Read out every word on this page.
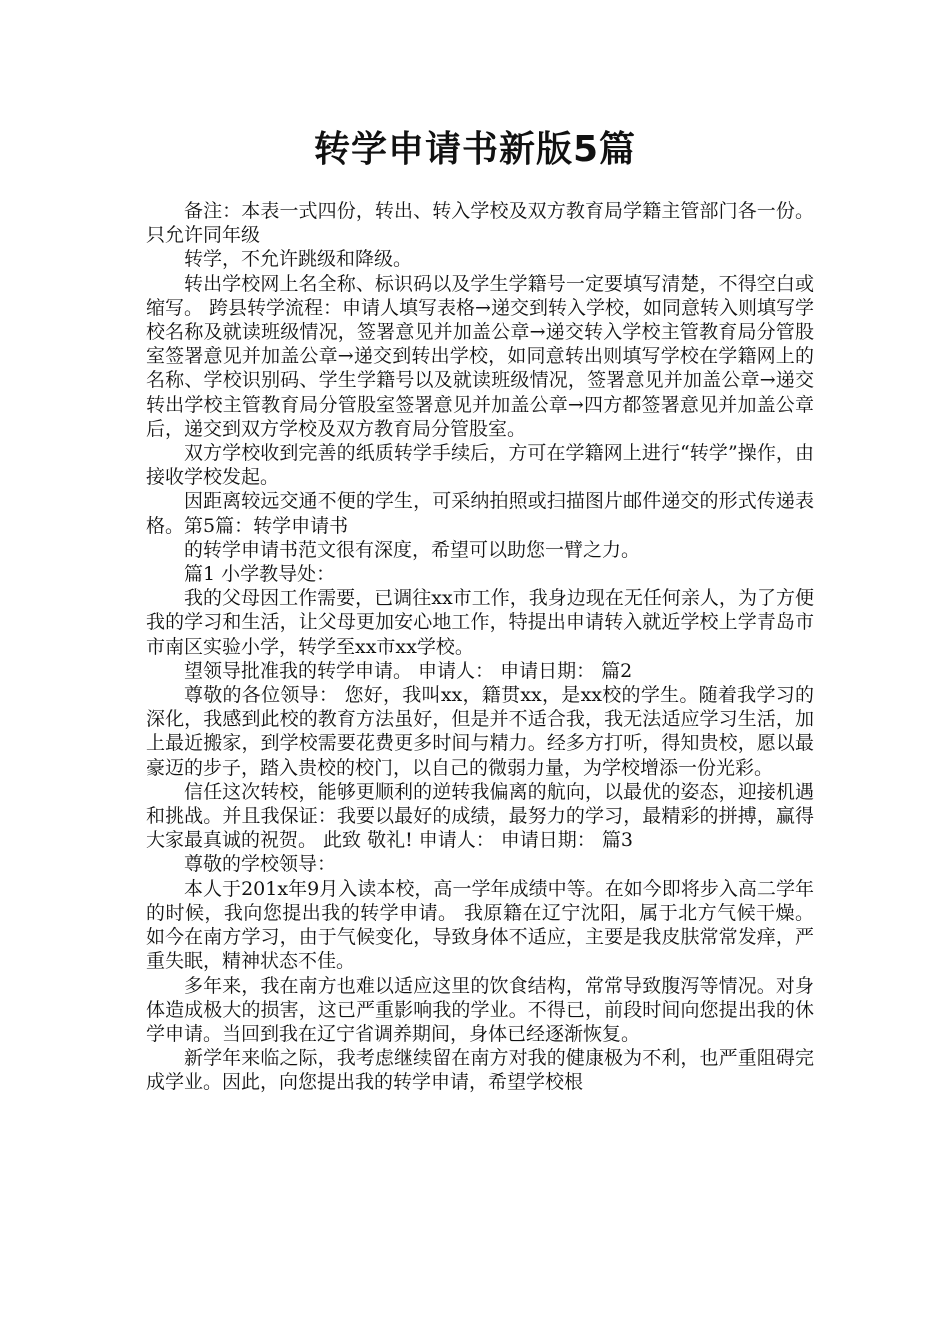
转学申请书新版5篇

备注：本表一式四份，转出、转入学校及双方教育局学籍主管部门各一份。只允许同年级

转学，不允许跳级和降级。

转出学校网上名全称、标识码以及学生学籍号一定要填写清楚，不得空白或缩写。 跨县转学流程：申请人填写表格→递交到转入学校，如同意转入则填写学校名称及就读班级情况，签署意见并加盖公章→递交转入学校主管教育局分管股室签署意见并加盖公章→递交到转出学校，如同意转出则填写学校在学籍网上的名称、学校识别码、学生学籍号以及就读班级情况，签署意见并加盖公章→递交转出学校主管教育局分管股室签署意见并加盖公章→四方都签署意见并加盖公章后，递交到双方学校及双方教育局分管股室。

双方学校收到完善的纸质转学手续后，方可在学籍网上进行“转学”操作，由接收学校发起。

因距离较远交通不便的学生，可采纳拍照或扫描图片邮件递交的形式传递表格。第5篇：转学申请书

的转学申请书范文很有深度，希望可以助您一臂之力。

篇1 小学教导处：

我的父母因工作需要，已调往xx市工作，我身边现在无任何亲人，为了方便我的学习和生活，让父母更加安心地工作，特提出申请转入就近学校上学青岛市市南区实验小学，转学至xx市xx学校。

望领导批准我的转学申请。 申请人： 申请日期： 篇2

尊敬的各位领导： 您好，我叫xx，籍贯xx，是xx校的学生。随着我学习的深化，我感到此校的教育方法虽好，但是并不适合我，我无法适应学习生活，加上最近搬家，到学校需要花费更多时间与精力。经多方打听，得知贵校，愿以最豪迈的步子，踏入贵校的校门，以自己的微弱力量，为学校增添一份光彩。

信任这次转校，能够更顺利的逆转我偏离的航向，以最优的姿态，迎接机遇和挑战。并且我保证：我要以最好的成绩，最努力的学习，最精彩的拼搏，赢得大家最真诚的祝贺。 此致 敬礼! 申请人： 申请日期： 篇3

尊敬的学校领导：

本人于201x年9月入读本校，高一学年成绩中等。在如今即将步入高二学年的时候，我向您提出我的转学申请。 我原籍在辽宁沈阳，属于北方气候干燥。如今在南方学习，由于气候变化，导致身体不适应，主要是我皮肤常常发痒，严重失眠，精神状态不佳。

多年来，我在南方也难以适应这里的饮食结构，常常导致腹泻等情况。对身体造成极大的损害，这已严重影响我的学业。不得已，前段时间向您提出我的休学申请。当回到我在辽宁省调养期间，身体已经逐渐恢复。

新学年来临之际，我考虑继续留在南方对我的健康极为不利，也严重阻碍完成学业。因此，向您提出我的转学申请，希望学校根
